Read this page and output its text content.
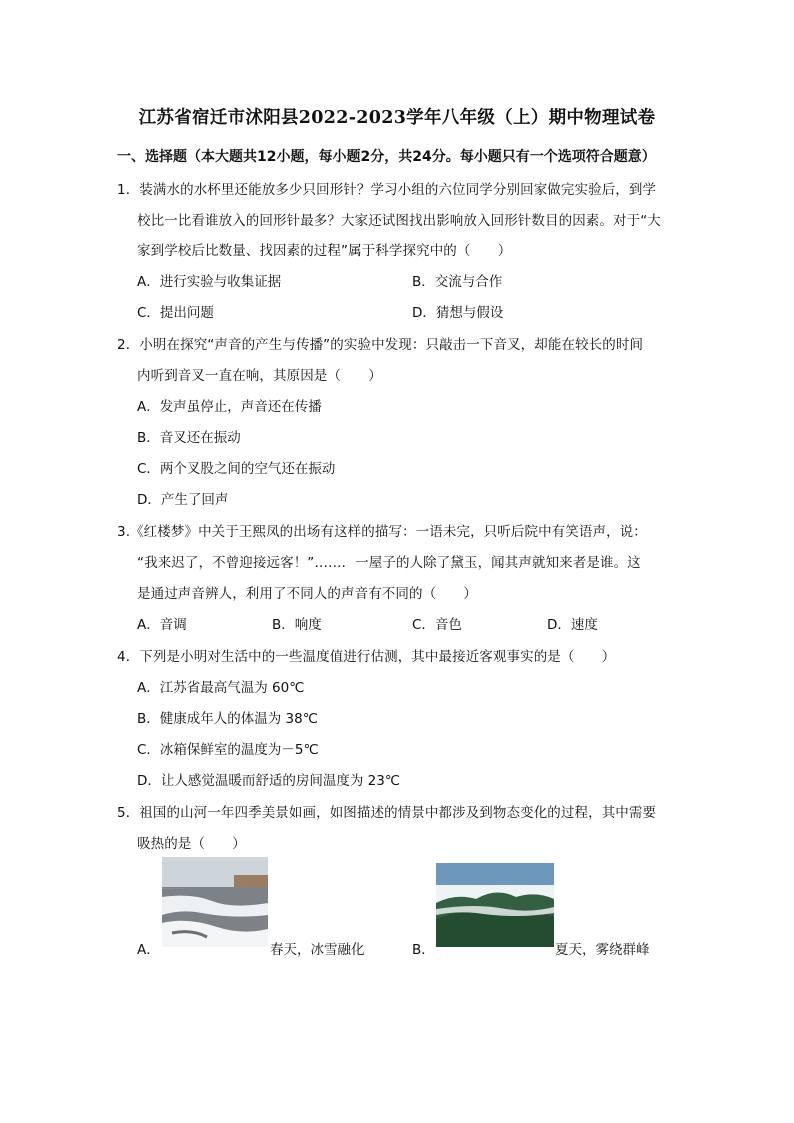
江苏省宿迁市沭阳县2022-2023学年八年级（上）期中物理试卷
一、选择题（本大题共12小题，每小题2分，共24分。每小题只有一个选项符合题意）
1．装满水的水杯里还能放多少只回形针？学习小组的六位同学分别回家做完实验后，到学
校比一比看谁放入的回形针最多？大家还试图找出影响放入回形针数目的因素。对于“大
家到学校后比数量、找因素的过程”属于科学探究中的（　　）
A．进行实验与收集证据	B．交流与合作
C．提出问题	D．猜想与假设
2．小明在探究“声音的产生与传播”的实验中发现：只敲击一下音叉，却能在较长的时间
内听到音叉一直在响，其原因是（　　）
A．发声虽停止，声音还在传播
B．音叉还在振动
C．两个叉股之间的空气还在振动
D．产生了回声
3.《红楼梦》中关于王熙凤的出场有这样的描写：一语未完，只听后院中有笑语声，说：
“我来迟了，不曾迎接远客！”……．一屋子的人除了黛玉，闻其声就知来者是谁。这
是通过声音辨人，利用了不同人的声音有不同的（　　）
A．音调	B．响度	C．音色	D．速度
4．下列是小明对生活中的一些温度值进行估测，其中最接近客观事实的是（　　）
A．江苏省最高气温为 60℃
B．健康成年人的体温为 38℃
C．冰箱保鲜室的温度为－5℃
D．让人感觉温暖而舒适的房间温度为 23℃
5．祖国的山河一年四季美景如画，如图描述的情景中都涉及到物态变化的过程，其中需要
吸热的是（　　）
A．	春天，冰雪融化	B．	夏天，雾绕群峰
